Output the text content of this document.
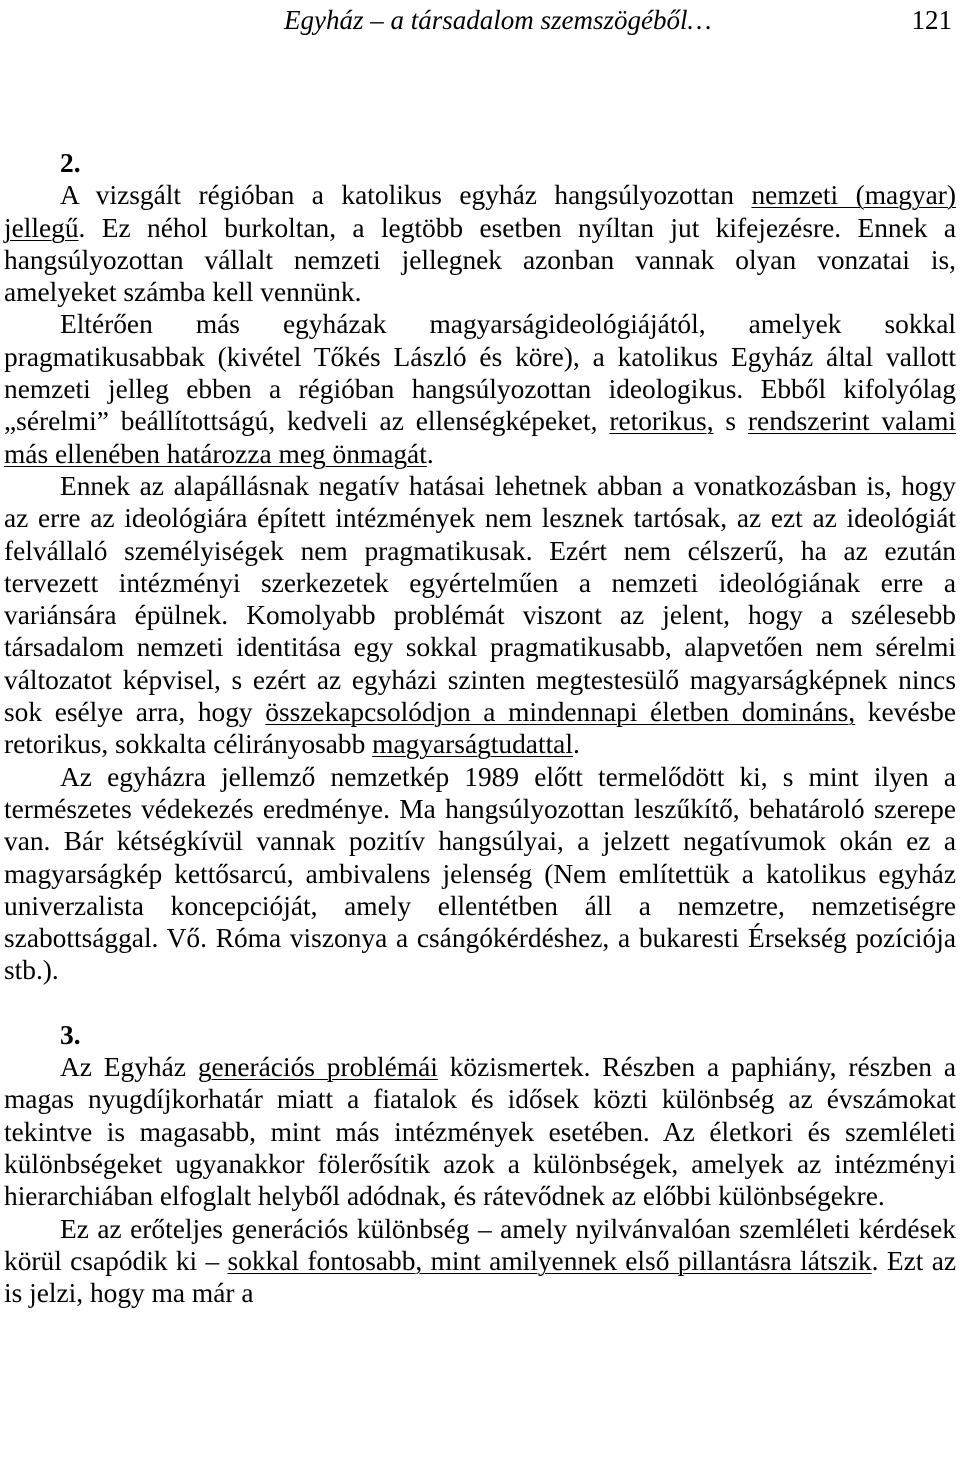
Egyház – a társadalom szemszögéből…	121
2.

A vizsgált régióban a katolikus egyház hangsúlyozottan nemzeti (magyar) jellegű. Ez néhol burkoltan, a legtöbb esetben nyíltan jut kifejezésre. Ennek a hangsúlyozottan vállalt nemzeti jellegnek azonban vannak olyan vonzatai is, amelyeket számba kell vennünk.

Eltérően más egyházak magyarságideológiájától, amelyek sokkal pragmatikusabbak (kivétel Tőkés László és köre), a katolikus Egyház által vallott nemzeti jelleg ebben a régióban hangsúlyozottan ideologikus. Ebből kifolyólag „sérelmi” beállítottságú, kedveli az ellenségképeket, retorikus, s rendszerint valami más ellenében határozza meg önmagát.

Ennek az alapállásnak negatív hatásai lehetnek abban a vonatkozásban is, hogy az erre az ideológiára épített intézmények nem lesznek tartósak, az ezt az ideológiát felvállaló személyiségek nem pragmatikusak. Ezért nem célszerű, ha az ezután tervezett intézményi szerkezetek egyértelműen a nemzeti ideológiának erre a variánsára épülnek. Komolyabb problémát viszont az jelent, hogy a szélesebb társadalom nemzeti identitása egy sokkal pragmatikusabb, alapvetően nem sérelmi változatot képvisel, s ezért az egyházi szinten megtestesülő magyarságképnek nincs sok esélye arra, hogy összekapcsolódjon a mindennapi életben domináns, kevésbe retorikus, sokkalta célirányosabb magyarságtudattal.

Az egyházra jellemző nemzetkép 1989 előtt termelődött ki, s mint ilyen a természetes védekezés eredménye. Ma hangsúlyozottan leszűkítő, behatároló szerepe van. Bár kétségkívül vannak pozitív hangsúlyai, a jelzett negatívumok okán ez a magyarságkép kettősarcú, ambivalens jelenség (Nem említettük a katolikus egyház univerzalista koncepcióját, amely ellentétben áll a nemzetre, nemzetiségre szabottsággal. Vő. Róma viszonya a csángókérdéshez, a bukaresti Érsekség pozíciója stb.).

3.

Az Egyház generációs problémái közismertek. Részben a paphiány, részben a magas nyugdíjkorhatár miatt a fiatalok és idősek közti különbség az évszámokat tekintve is magasabb, mint más intézmények esetében. Az életkori és szemléleti különbségeket ugyanakkor fölerősítik azok a különbségek, amelyek az intézményi hierarchiában elfoglalt helyből adódnak, és rátevődnek az előbbi különbségekre.

Ez az erőteljes generációs különbség – amely nyilvánvalóan szemléleti kérdések körül csapódik ki – sokkal fontosabb, mint amilyennek első pillantásra látszik. Ezt az is jelzi, hogy ma már a
